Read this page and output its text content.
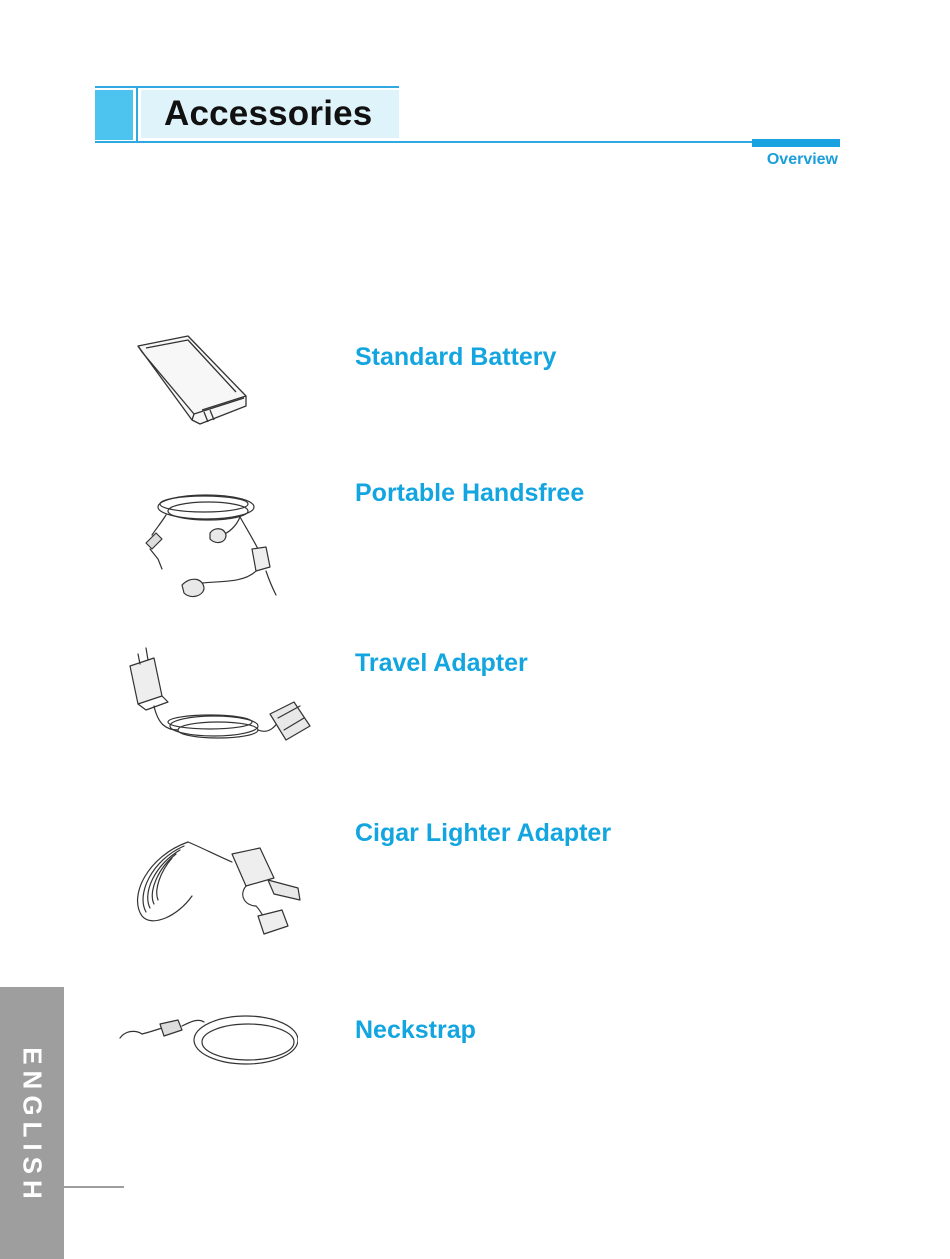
Accessories
Overview
Standard Battery
Portable Handsfree
Travel Adapter
Cigar Lighter Adapter
Neckstrap
ENGLISH
